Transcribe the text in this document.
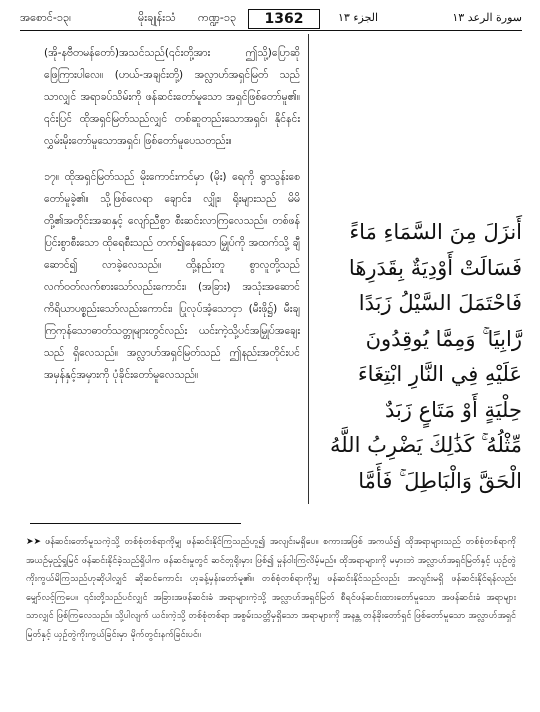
အစောင်-၁၃၊	မိုးချုန်းသံ ကဏ္ဍ-၁၃	1362	الجزء ١٣	سورة الرعد ١٣

(အို-နဗီတမန်တော်)အသင်သည်(၎င်းတို့အား ဤသို့)ပြောဆိုဖြေကြားပါလေ။ (ဟယ်-အချင်းတို့) အလ္လာဟ်အရှင်မြတ် သည်သာလျှင် အရာခပ်သိမ်းကို ဖန်ဆင်းတော်မူသော အရှင်ဖြစ်တော်မူ၏။ ၎င်းပြင် ထိုအရှင်မြတ်သည်လျှင် တစ်ဆူတည်းသောအရှင်၊ နိုင်နင်းလွှမ်းမိုးတော်မူသောအရှင်၊ ဖြစ်တော်မူပေသတည်း။

၁၇။ ထိုအရှင်မြတ်သည် မိုးကောင်းကင်မှာ (မိုး) ရေကို ရွာသွန်းစေတော်မူခဲ့၏။ သို့ဖြစ်လေရာ ချောင်း၊ လျှိုး၊ ရိုးများသည် မိမိတို့၏အတိုင်းအဆနှင့် လျော်ညီစွာ စီးဆင်းလာကြလေသည်။ တစ်ဖန် ပြင်းစွာစီးသော ထိုရေစီးသည် တက်၍နေသော မြှုပ်ကို အထက်သို့ ချီဆောင်၍ လာခဲ့လေသည်။ ထို့နည်းတူ စွာလူတို့သည် လက်ဝတ်လက်စားသော်လည်းကောင်း၊ (အခြား) အသုံးအဆောင် ကိရိယာပစ္စည်းသော်လည်းကောင်း၊ ပြုလုပ်အံ့သောငှာ (မီးဖို၌) မီးချကြကုန်သောဓာတ်သတ္တုများတွင်လည်း ယင်းကဲ့သို့ပင်အမြှုပ်အချေးသည် ရှိလေသည်။ အလ္လာဟ်အရှင်မြတ်သည် ဤနည်းအတိုင်းပင် အမှန်နှင့်အမှားကို ပုံခိုင်းတော်မူလေသည်။

أَنزَلَ مِنَ السَّمَاءِ مَاءً
فَسَالَتْ أَوْدِيَةٌ بِقَدَرِهَا
فَاحْتَمَلَ السَّيْلُ زَبَدًا
رَّابِيًا ۚ وَمِمَّا يُوقِدُونَ
عَلَيْهِ فِي النَّارِ ابْتِغَاءَ
حِلْيَةٍ أَوْ مَتَاعٍ زَبَدٌ
مِّثْلُهُ ۚ كَذَٰلِكَ يَضْرِبُ اللَّهُ
الْحَقَّ وَالْبَاطِلَ ۚ فَأَمَّا

➤➤ ဖန်ဆင်းတော်မူသကဲ့သို့ တစ်စုံတစ်ရာကိုမျှ ဖန်ဆင်းနိုင်ကြသည်ဟူ၍ အလျင်းမရှိပေ။ စကားအဖြစ် အကယ်၍ ထိုအရာများသည် တစ်စုံတစ်ရာကို အယဉ်မှည့်ရှုမြင် ဖန်ဆင်းနိုင်ခဲ့သည်ရှိပါက ဖန်ဆင်းမှုတွင် ဆင်တူရိုးမှား ဖြစ်၍ မှုန်ဝါးကြလိမ့်မည်။ ထိုအရာများကို မမှားဘဲ အလ္လာဟ်အရှင်မြတ်နှင့် ယှဉ်တွဲကိုးကွယ်မိကြသည်ဟုဆိုပါလျှင် ဆိုဆင်ကောင်း ဟုခန့်မှန်းတော်မူ၏။ တစ်စုံတစ်ရာကိုမျှ ဖန်ဆင်းနိုင်သည်လည်း အလျင်းမရှိ ဖန်ဆင်းနိုင်ရန်လည်း မျှော်လင့်ကြပေ။ ၎င်းတို့သည်ပင်လျှင် အခြားအဖန်ဆင်းခံ အရာများကဲ့သို့ အလ္လာဟ်အရှင်မြတ် စီရင်ဖန်ဆင်းထားတော်မူသော အဖန်ဆင်းခံ အရာများသာလျှင် ဖြစ်ကြလေသည်။ သို့ပါလျက် ယင်းကဲ့သို့ တစ်စုံတစ်ရာ အစွမ်းသတ္တိမှရှိသော အရာများကို အနန္တ တန်ခိုးတော်ရှင် ဖြစ်တော်မူသော အလ္လာဟ်အရှင်မြတ်နှင့် ယှဉ်တွဲကိုးကွယ်ခြင်းမှာ မိုက်တွင်းနက်ခြင်းပင်။
